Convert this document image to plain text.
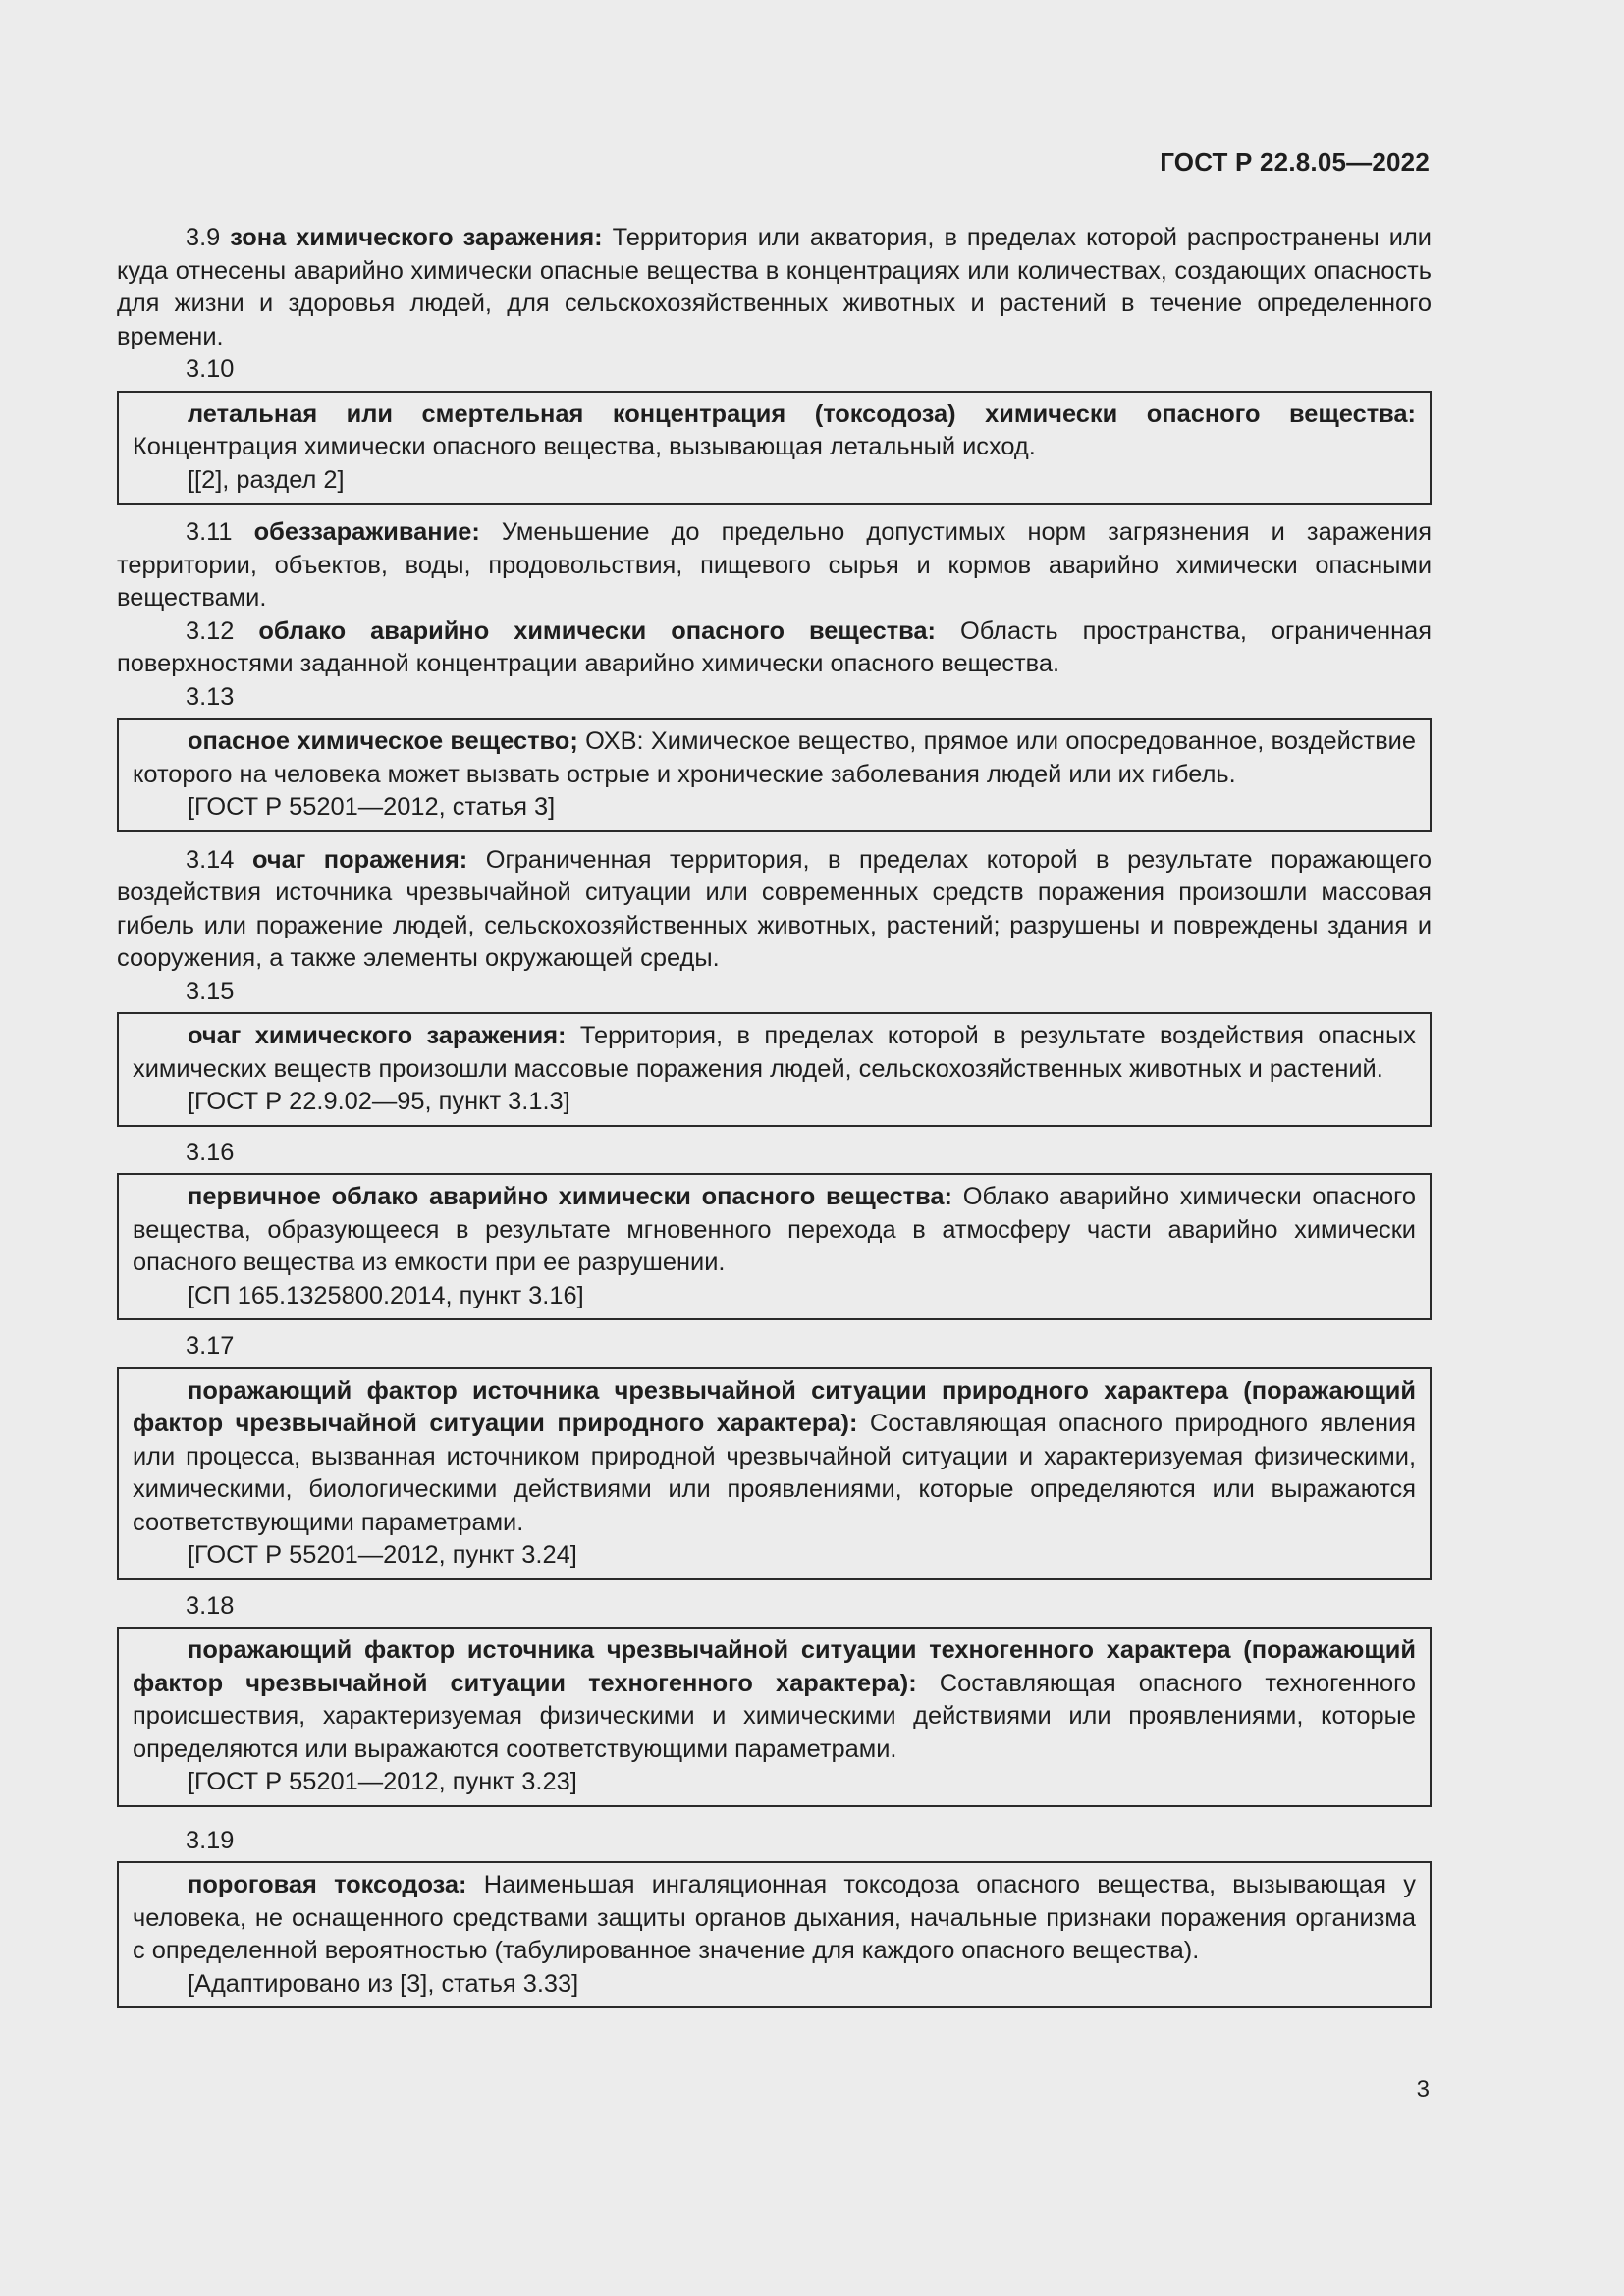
ГОСТ Р 22.8.05—2022

3.9 зона химического заражения: Территория или акватория, в пределах которой распространены или куда отнесены аварийно химически опасные вещества в концентрациях или количествах, создающих опасность для жизни и здоровья людей, для сельскохозяйственных животных и растений в течение определенного времени.

3.10

летальная или смертельная концентрация (токсодоза) химически опасного вещества: Концентрация химически опасного вещества, вызывающая летальный исход.

[[2], раздел 2]

3.11 обеззараживание: Уменьшение до предельно допустимых норм загрязнения и заражения территории, объектов, воды, продовольствия, пищевого сырья и кормов аварийно химически опасными веществами.

3.12 облако аварийно химически опасного вещества: Область пространства, ограниченная поверхностями заданной концентрации аварийно химически опасного вещества.

3.13

опасное химическое вещество; ОХВ: Химическое вещество, прямое или опосредованное, воздействие которого на человека может вызвать острые и хронические заболевания людей или их гибель.

[ГОСТ Р 55201—2012, статья 3]

3.14 очаг поражения: Ограниченная территория, в пределах которой в результате поражающего воздействия источника чрезвычайной ситуации или современных средств поражения произошли массовая гибель или поражение людей, сельскохозяйственных животных, растений; разрушены и повреждены здания и сооружения, а также элементы окружающей среды.

3.15

очаг химического заражения: Территория, в пределах которой в результате воздействия опасных химических веществ произошли массовые поражения людей, сельскохозяйственных животных и растений.

[ГОСТ Р 22.9.02—95, пункт 3.1.3]

3.16

первичное облако аварийно химически опасного вещества: Облако аварийно химически опасного вещества, образующееся в результате мгновенного перехода в атмосферу части аварийно химически опасного вещества из емкости при ее разрушении.

[СП 165.1325800.2014, пункт 3.16]

3.17

поражающий фактор источника чрезвычайной ситуации природного характера (поражающий фактор чрезвычайной ситуации природного характера): Составляющая опасного природного явления или процесса, вызванная источником природной чрезвычайной ситуации и характеризуемая физическими, химическими, биологическими действиями или проявлениями, которые определяются или выражаются соответствующими параметрами.

[ГОСТ Р 55201—2012, пункт 3.24]

3.18

поражающий фактор источника чрезвычайной ситуации техногенного характера (поражающий фактор чрезвычайной ситуации техногенного характера): Составляющая опасного техногенного происшествия, характеризуемая физическими и химическими действиями или проявлениями, которые определяются или выражаются соответствующими параметрами.

[ГОСТ Р 55201—2012, пункт 3.23]

3.19

пороговая токсодоза: Наименьшая ингаляционная токсодоза опасного вещества, вызывающая у человека, не оснащенного средствами защиты органов дыхания, начальные признаки поражения организма с определенной вероятностью (табулированное значение для каждого опасного вещества).

[Адаптировано из [3], статья 3.33]

3
